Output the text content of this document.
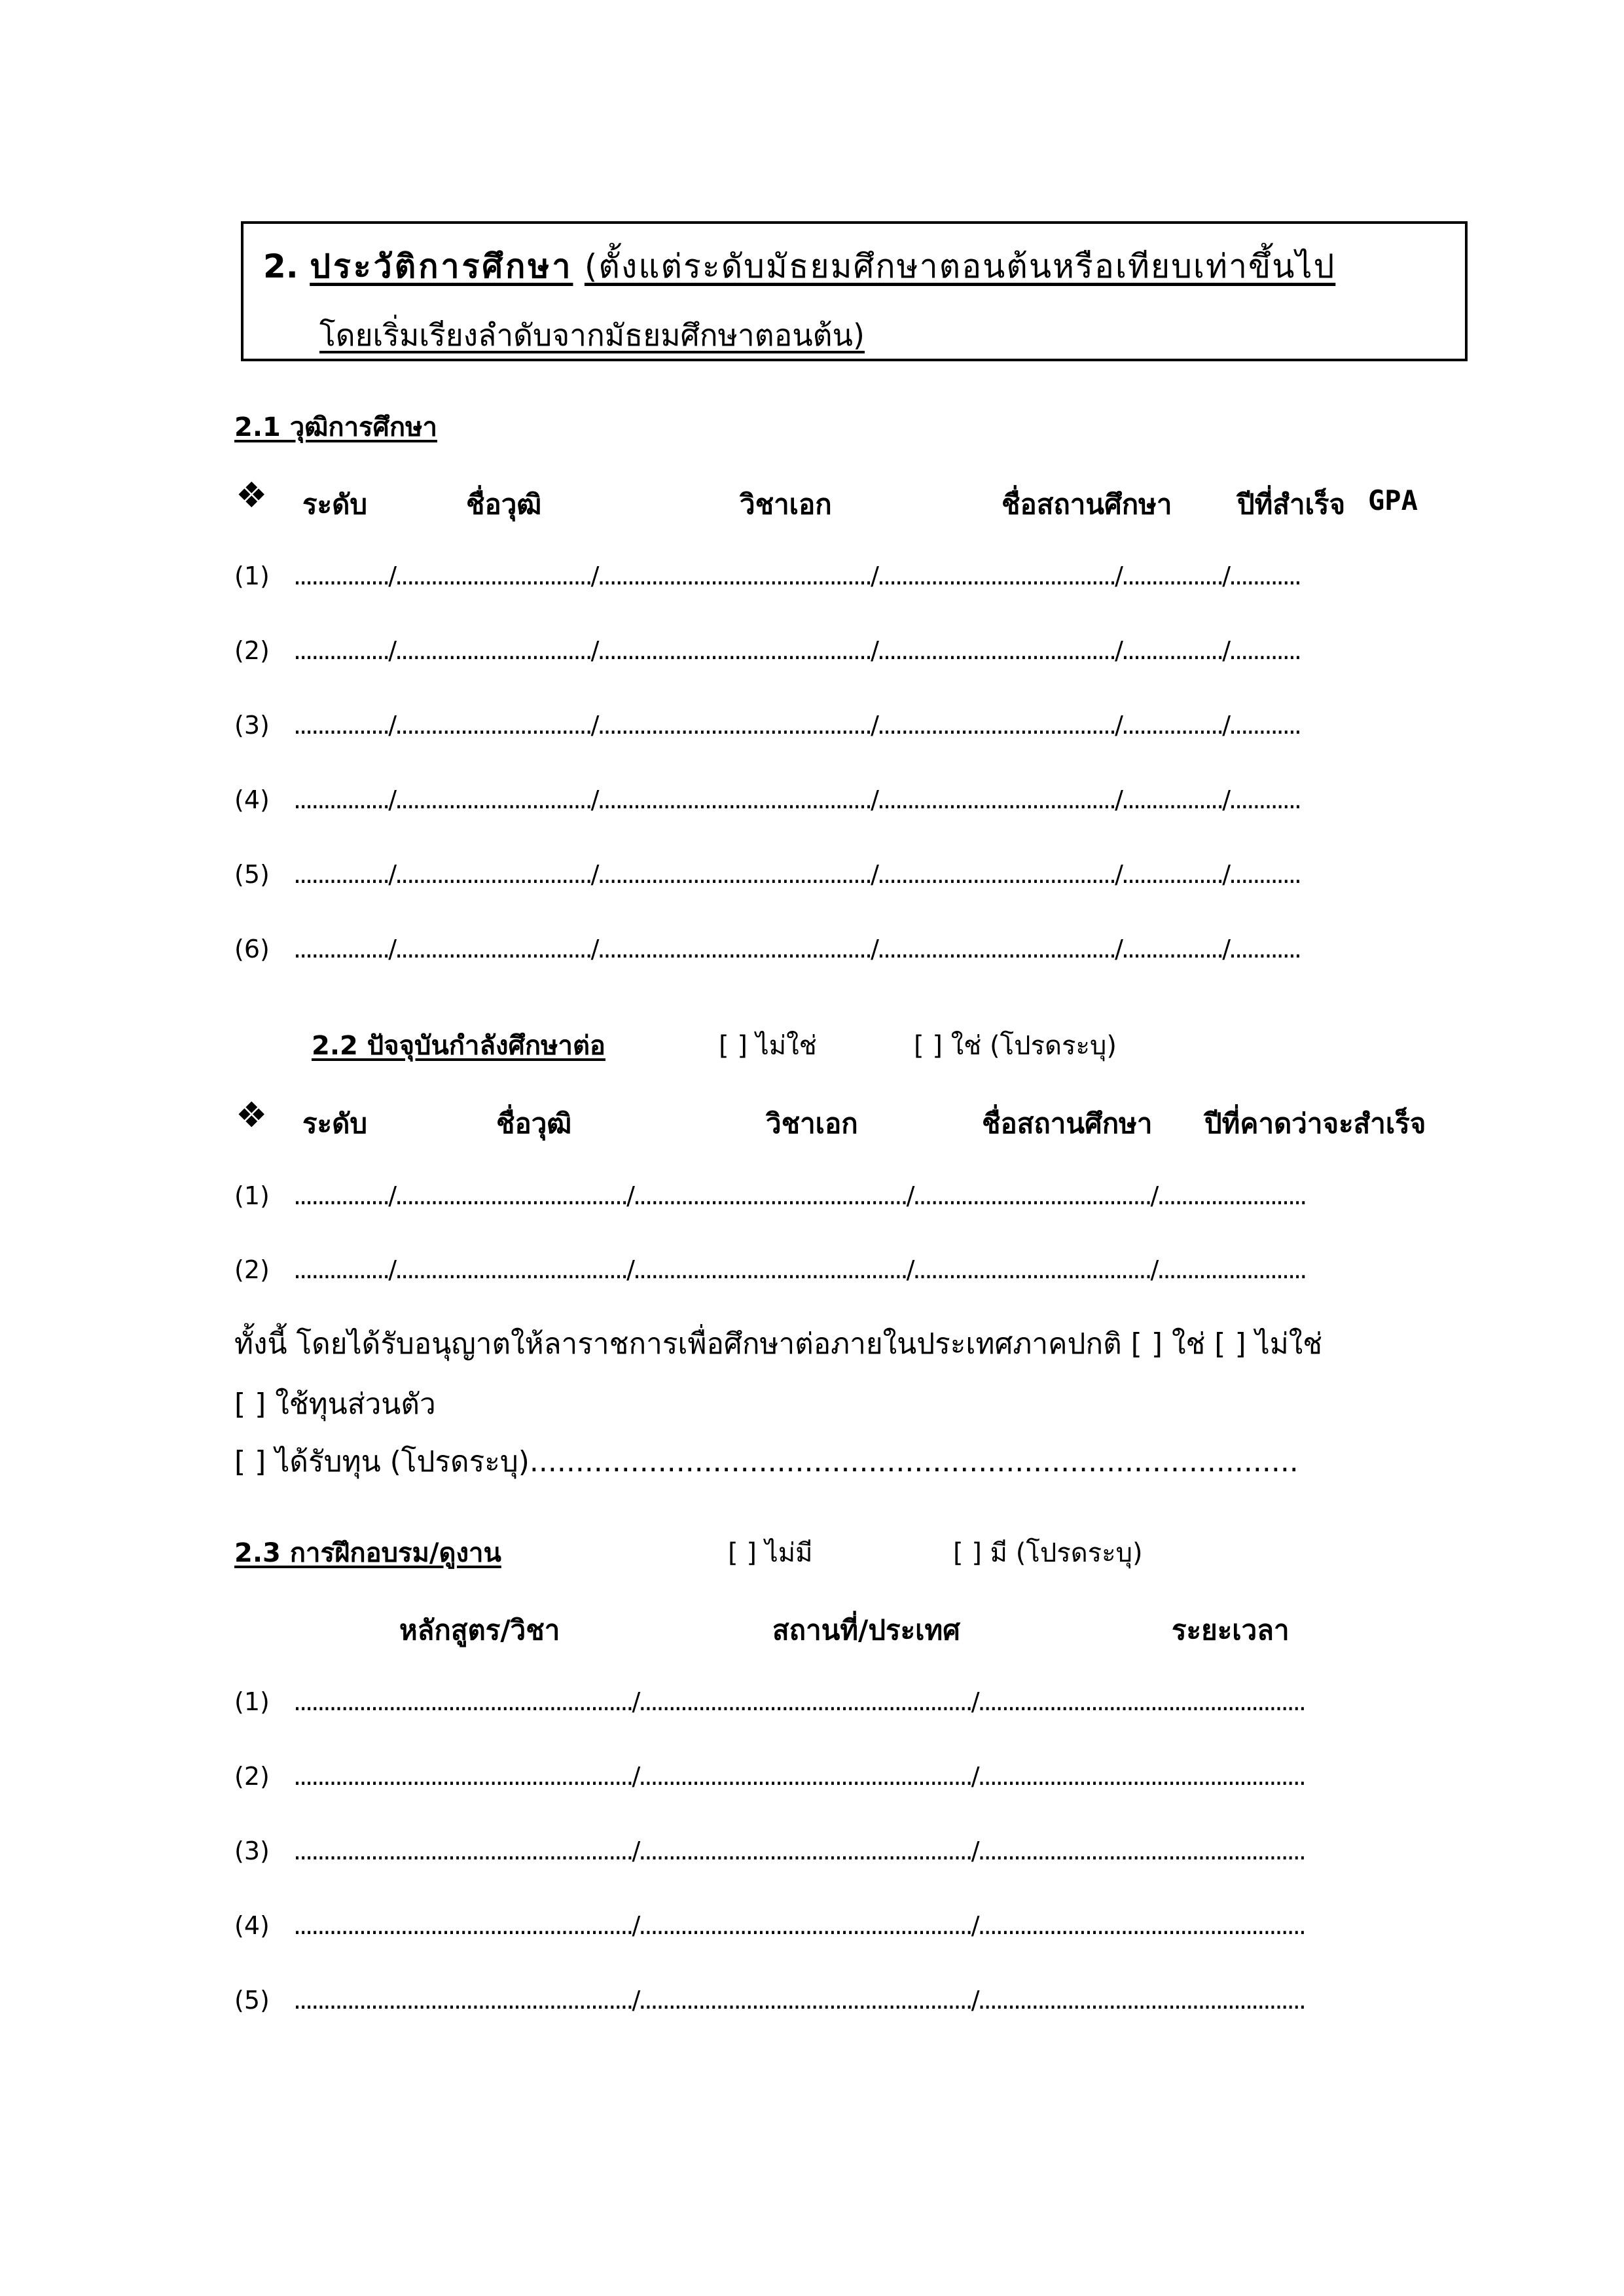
2. ประวัติการศึกษา (ตั้งแต่ระดับมัธยมศึกษาตอนต้นหรือเทียบเท่าขึ้นไป
โดยเริ่มเรียงลำดับจากมัธยมศึกษาตอนต้น)
2.1 วุฒิการศึกษา
❖ ระดับ	ชื่อวุฒิ	วิชาเอก	ชื่อสถานศึกษา ปีที่สำเร็จ GPA
(1) ................/................................./............................................../......................................../................./............
(2) ................/................................./............................................../......................................../................./............
(3) ................/................................./............................................../......................................../................./............
(4) ................/................................./............................................../......................................../................./............
(5) ................/................................./............................................../......................................../................./............
(6) ................/................................./............................................../......................................../................./............
2.2 ปัจจุบันกำลังศึกษาต่อ	[ ] ไม่ใช่	[ ] ใช่ (โปรดระบุ)
❖ ระดับ	ชื่อวุฒิ	วิชาเอก	ชื่อสถานศึกษา ปีที่คาดว่าจะสำเร็จ
(1) ................/......................................./............................................../......................................../.........................
(2) ................/......................................./............................................../......................................../.........................
ทั้งนี้ โดยได้รับอนุญาตให้ลาราชการเพื่อศึกษาต่อภายในประเทศภาคปกติ [ ] ใช่ [ ] ไม่ใช่
[ ] ใช้ทุนส่วนตัว
[ ] ได้รับทุน (โปรดระบุ)....................................................................................
2.3 การฝึกอบรม/ดูงาน	[ ] ไม่มี	[ ] มี (โปรดระบุ)
หลักสูตร/วิชา	สถานที่/ประเทศ	ระยะเวลา
(1) ........................................................./......................................................../.......................................................
(2) ........................................................./......................................................../.......................................................
(3) ........................................................./......................................................../.......................................................
(4) ........................................................./......................................................../.......................................................
(5) ........................................................./......................................................../.......................................................
